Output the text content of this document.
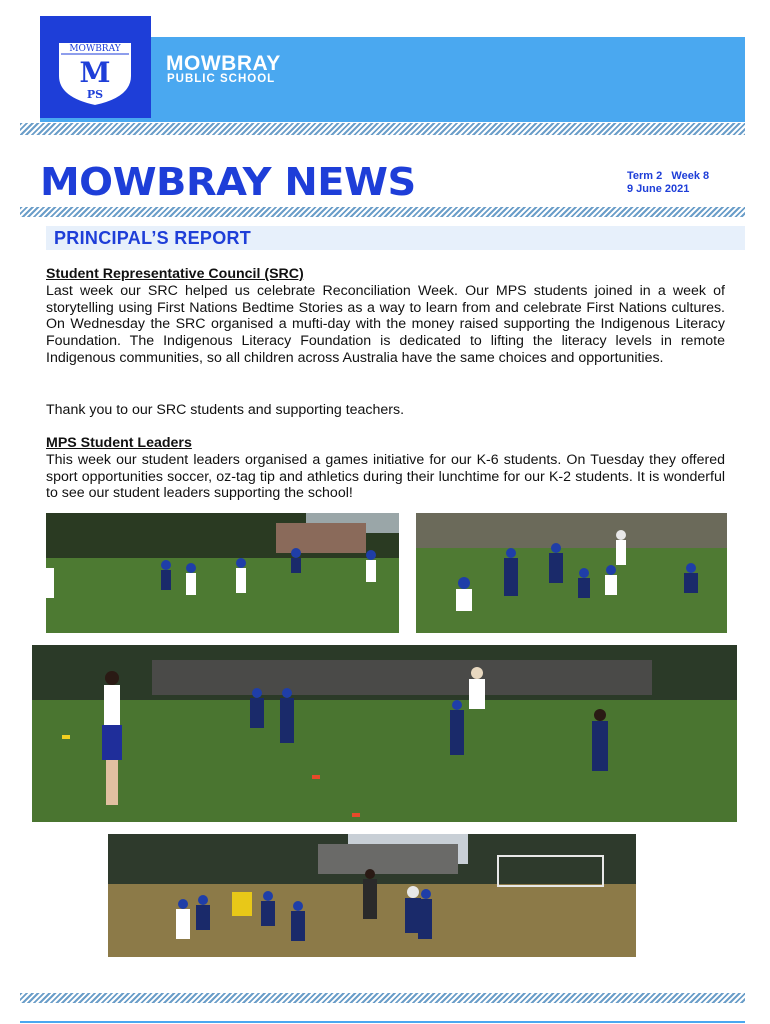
MOWBRAY
M
PS
MOWBRAY
PUBLIC SCHOOL
MOWBRAY NEWS	Term 2   Week 8
9 June 2021
PRINCIPAL’S REPORT
Student Representative Council (SRC)
Last week our SRC helped us celebrate Reconciliation Week. Our MPS students joined in a week of storytelling using First Nations Bedtime Stories as a way to learn from and celebrate First Nations cultures. On Wednesday the SRC organised a mufti-day with the money raised supporting the Indigenous Literacy Foundation. The Indigenous Literacy Foundation is dedicated to lifting the literacy levels in remote Indigenous communities, so all children across Australia have the same choices and opportunities.
Thank you to our SRC students and supporting teachers.
MPS Student Leaders
This week our student leaders organised a games initiative for our K-6 students. On Tuesday they offered sport opportunities soccer, oz-tag tip and athletics during their lunchtime for our K-2 students. It is wonderful to see our student leaders supporting the school!
